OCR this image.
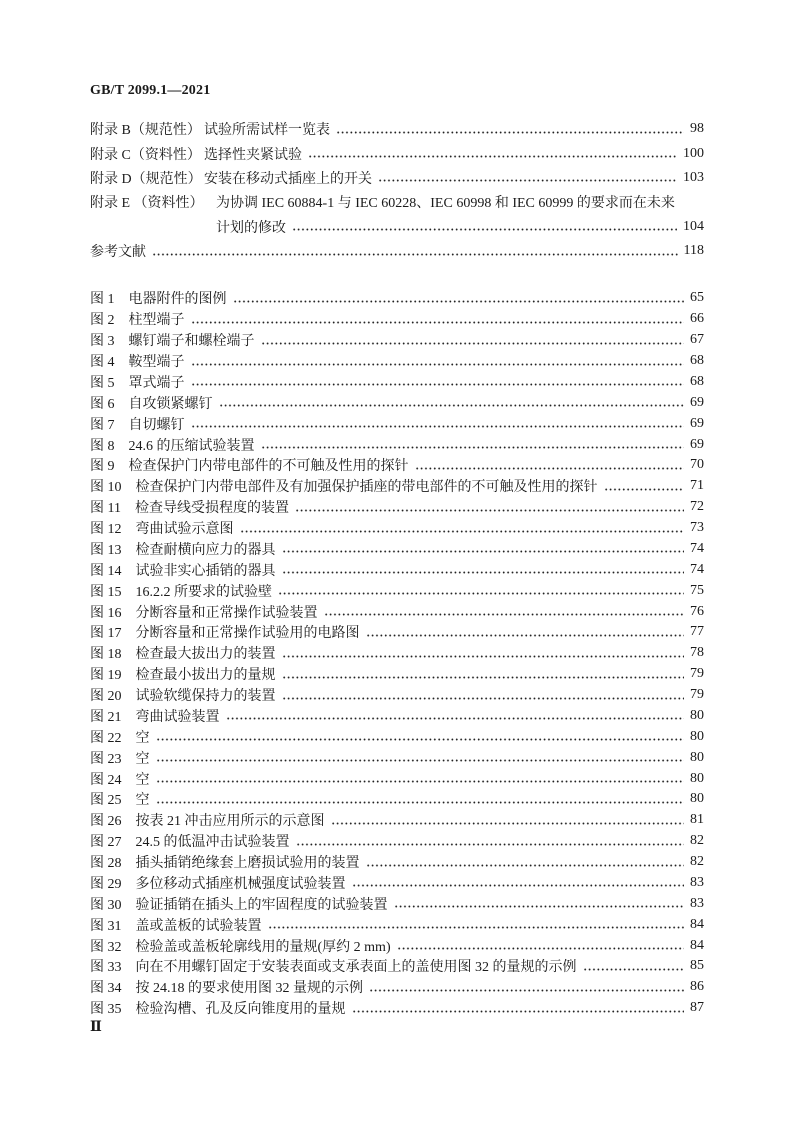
GB/T 2099.1—2021
附录 B（规范性） 试验所需试样一览表	98
附录 C（资料性） 选择性夹紧试验	100
附录 D（规范性） 安装在移动式插座上的开关	103
附录 E （资料性） 为协调 IEC 60884-1 与 IEC 60228、IEC 60998 和 IEC 60999 的要求而在未来
计划的修改	104
参考文献	118
图 1 电器附件的图例	65
图 2 柱型端子	66
图 3 螺钉端子和螺栓端子	67
图 4 鞍型端子	68
图 5 罩式端子	68
图 6 自攻锁紧螺钉	69
图 7 自切螺钉	69
图 8 24.6 的压缩试验装置	69
图 9 检查保护门内带电部件的不可触及性用的探针	70
图 10 检查保护门内带电部件及有加强保护插座的带电部件的不可触及性用的探针	71
图 11 检查导线受损程度的装置	72
图 12 弯曲试验示意图	73
图 13 检查耐横向应力的器具	74
图 14 试验非实心插销的器具	74
图 15 16.2.2 所要求的试验壁	75
图 16 分断容量和正常操作试验装置	76
图 17 分断容量和正常操作试验用的电路图	77
图 18 检查最大拔出力的装置	78
图 19 检查最小拔出力的量规	79
图 20 试验软缆保持力的装置	79
图 21 弯曲试验装置	80
图 22 空	80
图 23 空	80
图 24 空	80
图 25 空	80
图 26 按表 21 冲击应用所示的示意图	81
图 27 24.5 的低温冲击试验装置	82
图 28 插头插销绝缘套上磨损试验用的装置	82
图 29 多位移动式插座机械强度试验装置	83
图 30 验证插销在插头上的牢固程度的试验装置	83
图 31 盖或盖板的试验装置	84
图 32 检验盖或盖板轮廓线用的量规(厚约 2 mm)	84
图 33 向在不用螺钉固定于安装表面或支承表面上的盖使用图 32 的量规的示例	85
图 34 按 24.18 的要求使用图 32 量规的示例	86
图 35 检验沟槽、孔及反向锥度用的量规	87
Ⅱ
